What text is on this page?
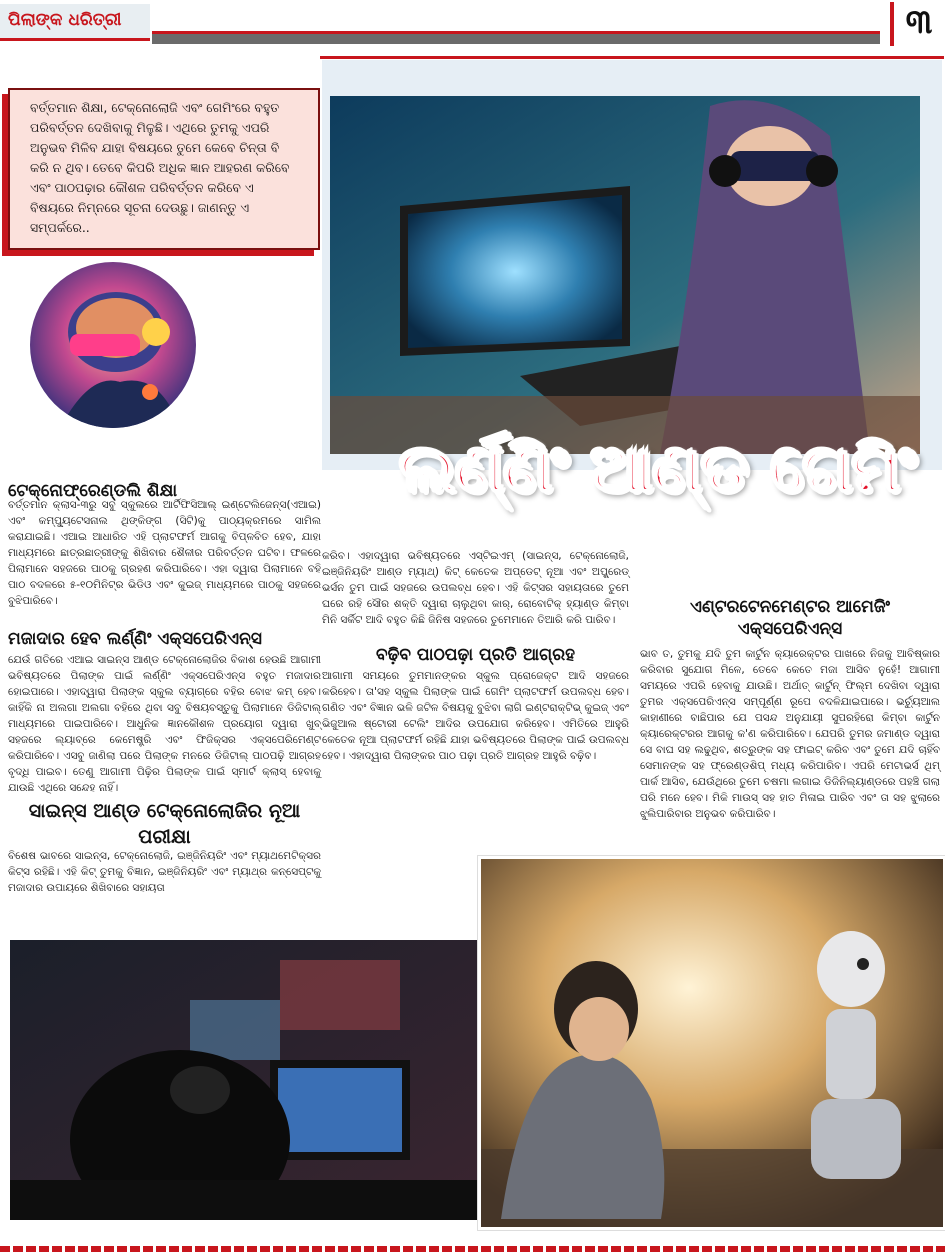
ପିଲାଙ୍କ ଧରିତ୍ରୀ	୩
ବର୍ତ୍ତମାନ ଶିକ୍ଷା, ଟେକ୍ନୋଲୋଜି ଏବଂ ଗେମିଂରେ ବହୁତ ପରିବର୍ତ୍ତନ ଦେଖିବାକୁ ମିଳୁଛି। ଏଥିରେ ତୁମକୁ ଏପରି ଅନୁଭବ ମିଳିବ ଯାହା ବିଷୟରେ ତୁମେ କେବେ ଚିନ୍ତା ବି କରି ନ ଥିବ। ତେବେ କିପରି ଅଧିକ ଜ୍ଞାନ ଆହରଣ କରିବେ ଏବଂ ପାଠପଢ଼ାର କୌଶଳ ପରିବର୍ତ୍ତନ କରିବେ ଏ ବିଷୟରେ ନିମ୍ନରେ ସୂଚନା ଦେଉଛୁ। ଜାଣନ୍ତୁ ଏ ସମ୍ପର୍କରେ..
ଲର୍ଣ୍ଣିଂ ଆଣ୍ଡ ଗେମିଂ
ଟେକ୍ନୋଫ୍ରେଣ୍ଡଲି ଶିକ୍ଷା
ବର୍ତ୍ତମାନ କ୍ଲାସ-୩ରୁ ସବୁ ସ୍କୁଲରେ ଆର୍ଟିଫିସିଆଲ୍ ଇଣ୍ଟେଲିଜେନ୍ସ(ଏଆଇ) ଏବଂ କମ୍ପ୍ୟୁଟେସନାଲ ଥିଙ୍କିଙ୍ଗ (ସିଟି)କୁ ପାଠ୍ୟକ୍ରମରେ ସାମିଲ କରାଯାଇଛି। ଏଆଇ ଆଧାରିତ ଏହି ପ୍ଲାଟଫର୍ମ ଆଗକୁ ବିପ୍ଳବିତ ହେବ, ଯାହା ମାଧ୍ୟମରେ ଛାତ୍ରଛାତ୍ରୀଙ୍କୁ ଶିଖିବାର ଶୈଳୀର ପରିବର୍ତ୍ତନ ଘଟିବ। ଫଳରେ ପିଲାମାନେ ସହଜରେ ପାଠକୁ ଗ୍ରହଣ କରିପାରିବେ। ଏହା ଦ୍ୱାରା ପିଲାମାନେ ବହି ପାଠ ବଦଳରେ ୫-୧୦ମିନିଟ୍ର ଭିଡିଓ ଏବଂ କୁଇଜ୍ ମାଧ୍ୟମରେ ପାଠକୁ ସହଜରେ ବୁଝିପାରିବେ।
ମଜାଦାର ହେବ ଲର୍ଣ୍ଣିଂ ଏକ୍ସପେରିଏନ୍ସ
ଯେଉଁ ଗତିରେ ଏଆଇ ସାଇନ୍ସ ଆଣ୍ଡ ଟେକ୍ନୋଲୋଜିର ବିକାଶ ହେଉଛି ଆଗାମୀ ଭବିଷ୍ୟତରେ ପିଲାଙ୍କ ପାଇଁ ଲର୍ଣ୍ଣିଂ ଏକ୍ସପେରିଏନ୍ସ ବହୁତ ମଜାଦାର ହୋଇପାରେ। ଏହାଦ୍ୱାରା ପିଲାଙ୍କ ସ୍କୁଲ ବ୍ୟାଗ୍ରେ ବହିର ବୋଝ କମ୍ ହେବ। କାହିଁକି ନା ଅଲଗା ଅଲଗା ବହିରେ ଥିବା ସବୁ ବିଷୟବସ୍ତୁକୁ ପିଲାମାନେ ଡିଜିଟାଲ୍ ମାଧ୍ୟମରେ ପାଇପାରିବେ। ଆଧୁନିକ ଜ୍ଞାନକୌଶଳ ପ୍ରୟୋଗ ଦ୍ୱାରା ଖୁବ୍ ସହଜରେ ଲ୍ୟାବ୍ରେ କେମେଷ୍ଟ୍ରି ଏବଂ ଫିଜିକ୍ସର ଏକ୍ସପେରିମେଣ୍ଟ କରିପାରିବେ। ଏସବୁ ଜାଣିଲା ପରେ ପିଲାଙ୍କ ମନରେ ଡିଜିଟାଲ୍ ପାଠପଢ଼ି ଆଗ୍ରହ ବୃଦ୍ଧି ପାଇବ। ତେଣୁ ଆଗାମୀ ପିଢ଼ିର ପିଲାଙ୍କ ପାଇଁ ସ୍ମାର୍ଟ କ୍ଲାସ୍ ହେବାକୁ ଯାଉଛି ଏଥିରେ ସନ୍ଦେହ ନାହିଁ।
ସାଇନ୍ସ ଆଣ୍ଡ ଟେକ୍ନୋଲୋଜିର ନୂଆ ପରୀକ୍ଷା
ବିଶେଷ ଭାବରେ ସାଇନ୍ସ, ଟେକ୍ନୋଲୋଜି, ଇଞ୍ଜିନିୟରିଂ ଏବଂ ମ୍ୟାଥମେଟିକ୍ସର କିଟ୍ସ ରହିଛି। ଏହି କିଟ୍ ତୁମକୁ ବିଜ୍ଞାନ, ଇଞ୍ଜିନିୟରିଂ ଏବଂ ମ୍ୟାଥ୍ର କନ୍ସେପ୍ଟକୁ ମଜାଦାର ଉପାୟରେ ଶିଖିବାରେ ସହାୟତା
କରିବ। ଏହାଦ୍ୱାରା ଭବିଷ୍ୟତରେ ଏସ୍ଟିଇଏମ୍ (ସାଇନ୍ସ, ଟେକ୍ନୋଲୋଜି, ଇଞ୍ଜିନିୟରିଂ ଆଣ୍ଡ ମ୍ୟାଥ୍) କିଟ୍ କେତେକ ଅପ୍ଡେଟ୍ ନୂଆ ଏବଂ ଅପ୍ଗ୍ରେଡ୍ ଭର୍ସନ ତୁମ ପାଇଁ ସହଜରେ ଉପଲବ୍ଧ ହେବ। ଏହି କିଟ୍ସର ସହାୟତାରେ ତୁମେ ଘରେ ରହି ସୌର ଶକ୍ତି ଦ୍ୱାରା ଚାଲୁଥିବା କାର୍, ରୋବୋଟିକ୍ ହ୍ୟାଣ୍ଡ କିମ୍ବା ମିନି ସର୍କିଟ ଆଦି ବହୁତ କିଛି ଜିନିଷ ସହଜରେ ତୁମେମାନେ ତିଆରି କରି ପାରିବ।
ବଢ଼ିବ ପାଠପଢ଼ା ପ୍ରତି ଆଗ୍ରହ
ଆଗାମୀ ସମୟରେ ତୁମମାନଙ୍କର ସ୍କୁଲ ପ୍ରୋଜେକ୍ଟ ଆଦି ସହଜରେ କରିହେବ। ତା'ସହ ସ୍କୁଲ ପିଲାଙ୍କ ପାଇଁ ଗେମିଂ ପ୍ଲାଟଫର୍ମ ଉପଲବ୍ଧ ହେବ। ଗଣିତ ଏବଂ ବିଜ୍ଞାନ ଭଳି ଜଟିଳ ବିଷୟକୁ ବୁଝିବା ଲାଗି ଇଣ୍ଟରାକ୍ଟିଭ୍ କୁଇଜ୍ ଏବଂ ଭିଜୁଆଲ ଷ୍ଟୋରୀ ଟେଲିଂ ଆଦିର ଉପଯୋଗ କରିହେବ। ଏମିତିରେ ଆହୁରି କେତେକ ନୂଆ ପ୍ଲାଟଫର୍ମ ରହିଛି ଯାହା ଭବିଷ୍ୟତରେ ପିଲାଙ୍କ ପାଇଁ ଉପଲବ୍ଧ ହେବ। ଏହାଦ୍ୱାରା ପିଲାଙ୍କର ପାଠ ପଢ଼ା ପ୍ରତି ଆଗ୍ରହ ଆହୁରି ବଢ଼ିବ।
ଏଣ୍ଟରଟେନମେଣ୍ଟର ଆମେଜିଂ ଏକ୍ସପେରିଏନ୍ସ
ଭାବ ତ, ତୁମକୁ ଯଦି ତୁମ କାର୍ଟୁନ କ୍ୟାରେକ୍ଟର ପାଖରେ ନିଜକୁ ଆବିଷ୍କାର କରିବାର ସୁଯୋଗ ମିଳେ, ତେବେ କେତେ ମଜା ଆସିବ ନୁହେଁ! ଆଗାମୀ ସମୟରେ ଏପରି ହେବାକୁ ଯାଉଛି। ଅର୍ଥାତ୍ କାର୍ଟୁନ୍ ଫିଲ୍ମ ଦେଖିବା ଦ୍ୱାରା ତୁମର ଏକ୍ସପେରିଏନ୍ସ ସମ୍ପୂର୍ଣ୍ଣ ରୂପେ ବଦଳିଯାଇପାରେ। ଭର୍ଚ୍ୟୁଆଲ କାହାଣୀରେ ବାଛିପାର ଯେ ପସନ୍ଦ ଅନୁଯାୟୀ ସୁପରହିରୋ କିମ୍ବା କାର୍ଟୁନ କ୍ୟାରେକ୍ଟରର ଆଗକୁ କ'ଣ କରିପାରିବେ। ଯେପରି ତୁମର ଜମାଣ୍ଡ ଦ୍ୱାରା ସେ ବାଘ ସହ ଲଢୁଥିବ, ଶତ୍ରୁଙ୍କ ସହ ଫାଇଟ୍ କରିବ ଏବଂ ତୁମେ ଯଦି ଚାହିଁବ ସେମାନଙ୍କ ସହ ଫ୍ରେଣ୍ଡଶିପ୍ ମଧ୍ୟ କରିପାରିବ। ଏପରି ମେଟାଭର୍ସ ଥିମ୍ ପାର୍କ ଆସିବ, ଯେଉଁଥିରେ ତୁମେ ଚଷମା ଲଗାଇ ଡିଜିନିଲ୍ୟାଣ୍ଡରେ ପହଞ୍ଚି ଗଲା ପରି ମନେ ହେବ। ମିକି ମାଉସ୍ ସହ ହାତ ମିଳାଇ ପାରିବ ଏବଂ ତା ସହ ଝୁଲାରେ ଝୁଲିପାରିବାର ଅନୁଭବ କରିପାରିବ।
